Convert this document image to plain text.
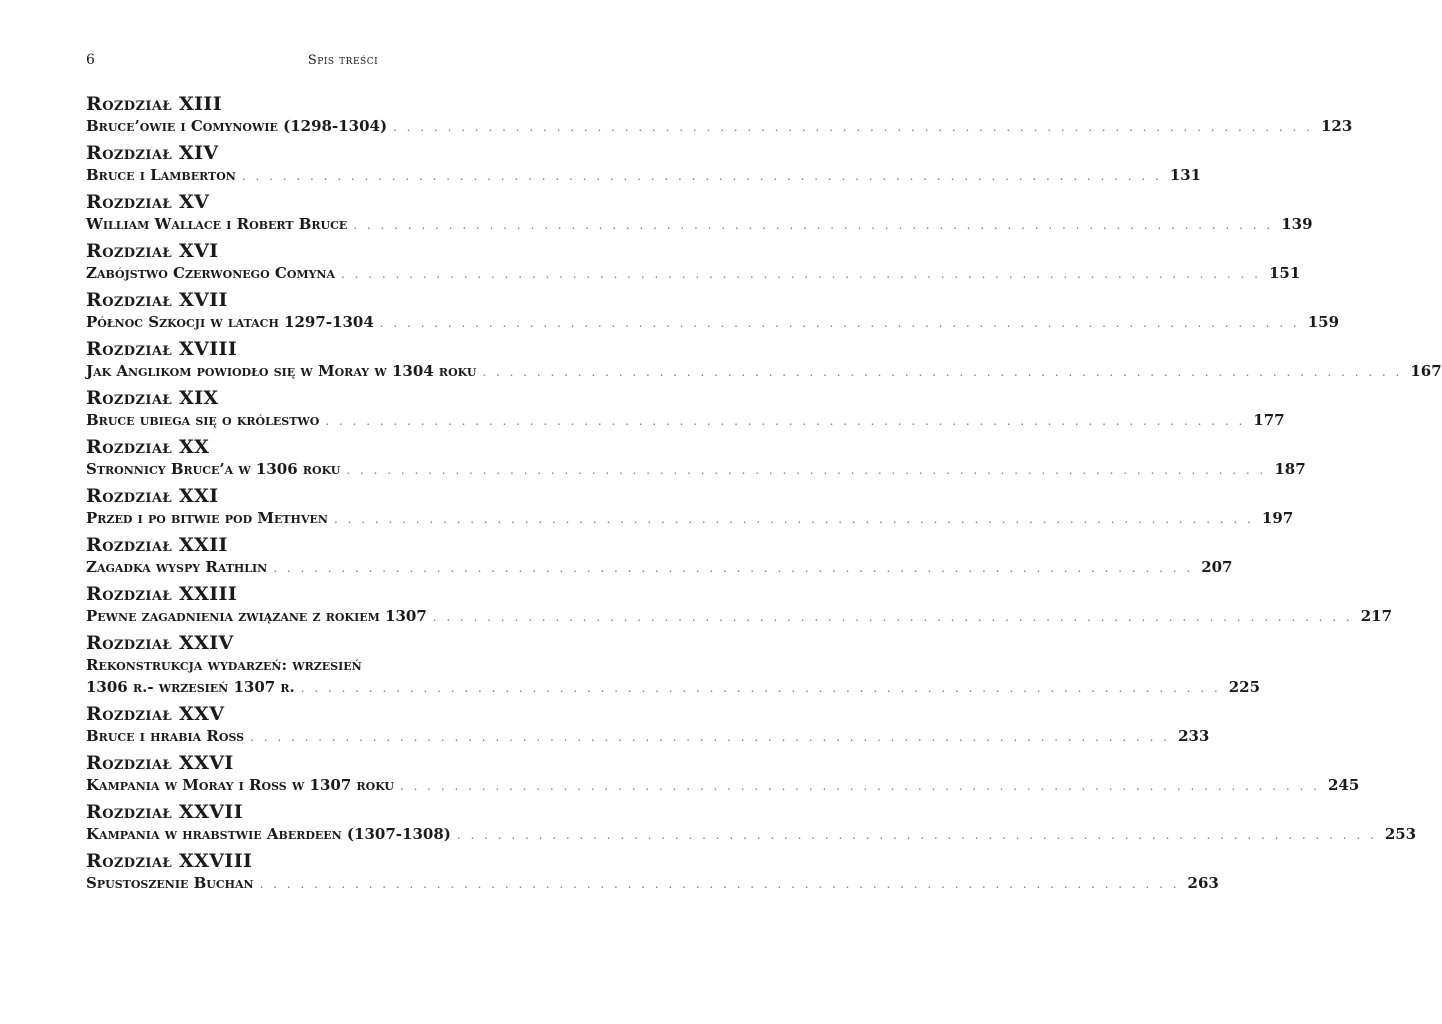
6	Spis treści
Rozdział XIII
Bruce’owie i Comynowie (1298-1304) . . . . . . . . . . . . . . . . . . . . . . . . . . . . . . . . . . . . . . . . . . . . . . . . . . . . . . . . . . . . . . . . . . . . 123
Rozdział XIV
Bruce i Lamberton . . . . . . . . . . . . . . . . . . . . . . . . . . . . . . . . . . . . . . . . . . . . . . . . . . . . . . . . . . . . . . . . . . . . 131
Rozdział XV
William Wallace i Robert Bruce . . . . . . . . . . . . . . . . . . . . . . . . . . . . . . . . . . . . . . . . . . . . . . . . . . . . . . . . . . . . . . . . . . . . 139
Rozdział XVI
Zabójstwo Czerwonego Comyna . . . . . . . . . . . . . . . . . . . . . . . . . . . . . . . . . . . . . . . . . . . . . . . . . . . . . . . . . . . . . . . . . . . . 151
Rozdział XVII
Północ Szkocji w latach 1297-1304 . . . . . . . . . . . . . . . . . . . . . . . . . . . . . . . . . . . . . . . . . . . . . . . . . . . . . . . . . . . . . . . . . . . . 159
Rozdział XVIII
Jak Anglikom powiodło się w Moray w 1304 roku . . . . . . . . . . . . . . . . . . . . . . . . . . . . . . . . . . . . . . . . . . . . . . . . . . . . . . . . . . . . . . . . . . . . 167
Rozdział XIX
Bruce ubiega się o królestwo . . . . . . . . . . . . . . . . . . . . . . . . . . . . . . . . . . . . . . . . . . . . . . . . . . . . . . . . . . . . . . . . . . . . 177
Rozdział XX
Stronnicy Bruce’a w 1306 roku . . . . . . . . . . . . . . . . . . . . . . . . . . . . . . . . . . . . . . . . . . . . . . . . . . . . . . . . . . . . . . . . . . . . 187
Rozdział XXI
Przed i po bitwie pod Methven . . . . . . . . . . . . . . . . . . . . . . . . . . . . . . . . . . . . . . . . . . . . . . . . . . . . . . . . . . . . . . . . . . . . 197
Rozdział XXII
Zagadka wyspy Rathlin . . . . . . . . . . . . . . . . . . . . . . . . . . . . . . . . . . . . . . . . . . . . . . . . . . . . . . . . . . . . . . . . . . . . 207
Rozdział XXIII
Pewne zagadnienia związane z rokiem 1307 . . . . . . . . . . . . . . . . . . . . . . . . . . . . . . . . . . . . . . . . . . . . . . . . . . . . . . . . . . . . . . . . . . . . 217
Rozdział XXIV
Rekonstrukcja wydarzeń: wrzesień
1306 r.- wrzesień 1307 r. . . . . . . . . . . . . . . . . . . . . . . . . . . . . . . . . . . . . . . . . . . . . . . . . . . . . . . . . . . . . . . . . . . . . 225
Rozdział XXV
Bruce i hrabia Ross . . . . . . . . . . . . . . . . . . . . . . . . . . . . . . . . . . . . . . . . . . . . . . . . . . . . . . . . . . . . . . . . . . . . 233
Rozdział XXVI
Kampania w Moray i Ross w 1307 roku . . . . . . . . . . . . . . . . . . . . . . . . . . . . . . . . . . . . . . . . . . . . . . . . . . . . . . . . . . . . . . . . . . . . 245
Rozdział XXVII
Kampania w hrabstwie Aberdeen (1307-1308) . . . . . . . . . . . . . . . . . . . . . . . . . . . . . . . . . . . . . . . . . . . . . . . . . . . . . . . . . . . . . . . . . . . . 253
Rozdział XXVIII
Spustoszenie Buchan . . . . . . . . . . . . . . . . . . . . . . . . . . . . . . . . . . . . . . . . . . . . . . . . . . . . . . . . . . . . . . . . . . . . 263
